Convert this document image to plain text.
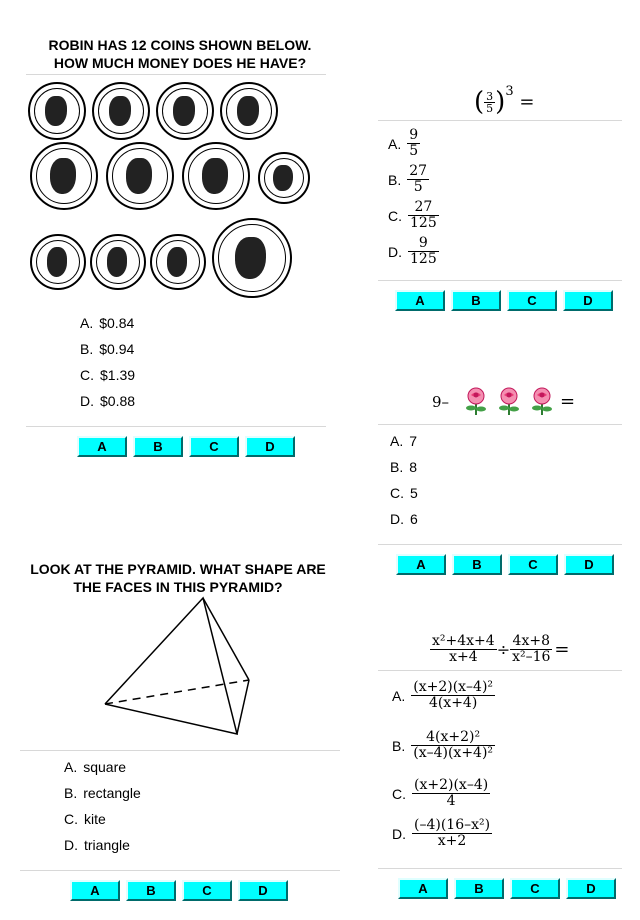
ROBIN HAS 12 COINS SHOWN BELOW.
HOW MUCH MONEY DOES HE HAVE?
A. $0.84
B. $0.94
C. $1.39
D. $0.88
A	B	C	D
( $\frac{3}{5} )^3$ =
A. $\frac{9}{5}$
B. $\frac{27}{5}$
C. $\frac{27}{125}$
D. $\frac{9}{125}$
A	B	C	D
9–	=
A. 7
B. 8
C. 5
D. 6
A	B	C	D
LOOK AT THE PYRAMID. WHAT SHAPE ARE
THE FACES IN THIS PYRAMID?
A. square
B. rectangle
C. kite
D. triangle
A	B	C	D
$\frac{\text{x²+4x+4}}{x+4} \div \frac{4x+8}{\text{x²–16}}$ =
A. $\frac{\text{(x+2)(x–4)²}}{4(x+4)}$
B. $\frac{\text{4(x+2)²}}{\text{(x–4)(x+4)²}}$
C. $\frac{(x+2)(x-4)}{4}$
D. $\frac{\text{(–4)(16–x²)}}{x+2}$
A	B	C	D
